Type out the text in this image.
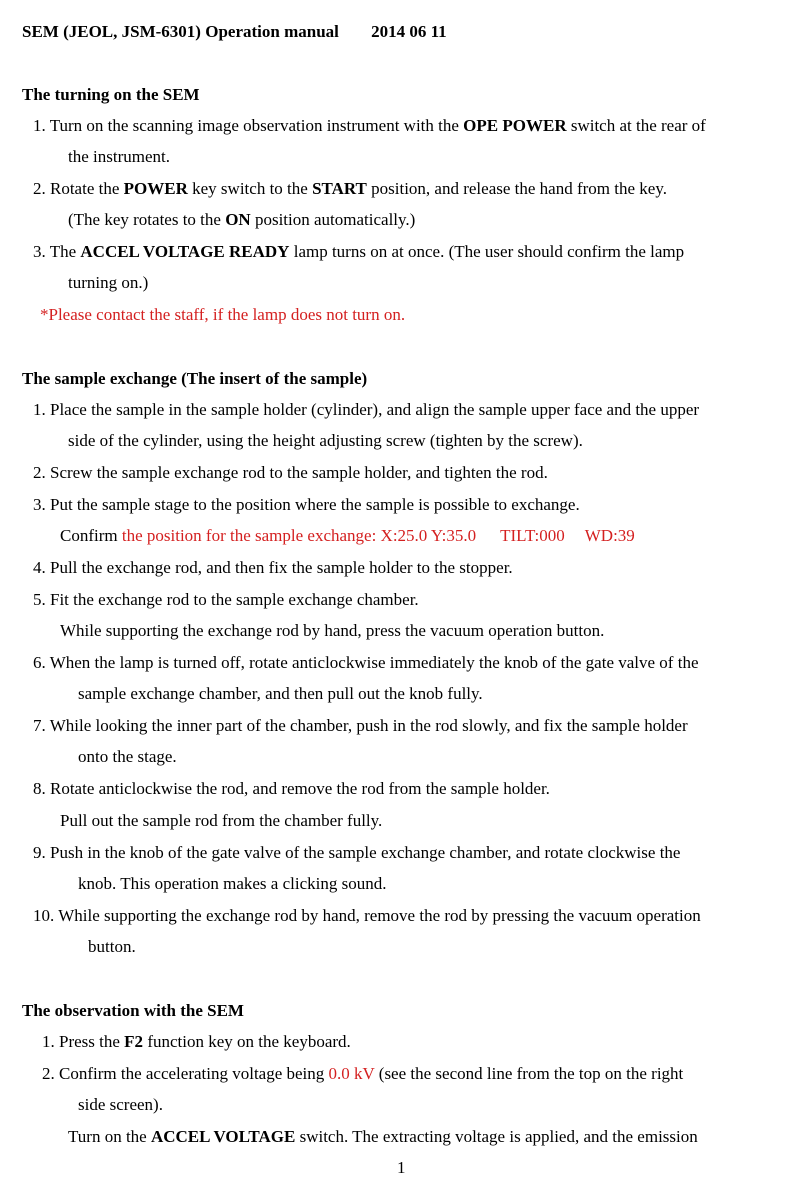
SEM (JEOL, JSM-6301) Operation manual 2014 06 11
The turning on the SEM
1. Turn on the scanning image observation instrument with the OPE POWER switch at the rear of
the instrument.
2. Rotate the POWER key switch to the START position, and release the hand from the key.
(The key rotates to the ON position automatically.)
3. The ACCEL VOLTAGE READY lamp turns on at once. (The user should confirm the lamp
turning on.)
*Please contact the staff, if the lamp does not turn on.
The sample exchange (The insert of the sample)
1. Place the sample in the sample holder (cylinder), and align the sample upper face and the upper
side of the cylinder, using the height adjusting screw (tighten by the screw).
2. Screw the sample exchange rod to the sample holder, and tighten the rod.
3. Put the sample stage to the position where the sample is possible to exchange.
Confirm the position for the sample exchange: X:25.0 Y:35.0 TILT:000 WD:39
4. Pull the exchange rod, and then fix the sample holder to the stopper.
5. Fit the exchange rod to the sample exchange chamber.
While supporting the exchange rod by hand, press the vacuum operation button.
6. When the lamp is turned off, rotate anticlockwise immediately the knob of the gate valve of the
sample exchange chamber, and then pull out the knob fully.
7. While looking the inner part of the chamber, push in the rod slowly, and fix the sample holder
onto the stage.
8. Rotate anticlockwise the rod, and remove the rod from the sample holder.
Pull out the sample rod from the chamber fully.
9. Push in the knob of the gate valve of the sample exchange chamber, and rotate clockwise the
knob. This operation makes a clicking sound.
10. While supporting the exchange rod by hand, remove the rod by pressing the vacuum operation
button.
The observation with the SEM
1. Press the F2 function key on the keyboard.
2. Confirm the accelerating voltage being 0.0 kV (see the second line from the top on the right
side screen).
Turn on the ACCEL VOLTAGE switch. The extracting voltage is applied, and the emission
1
